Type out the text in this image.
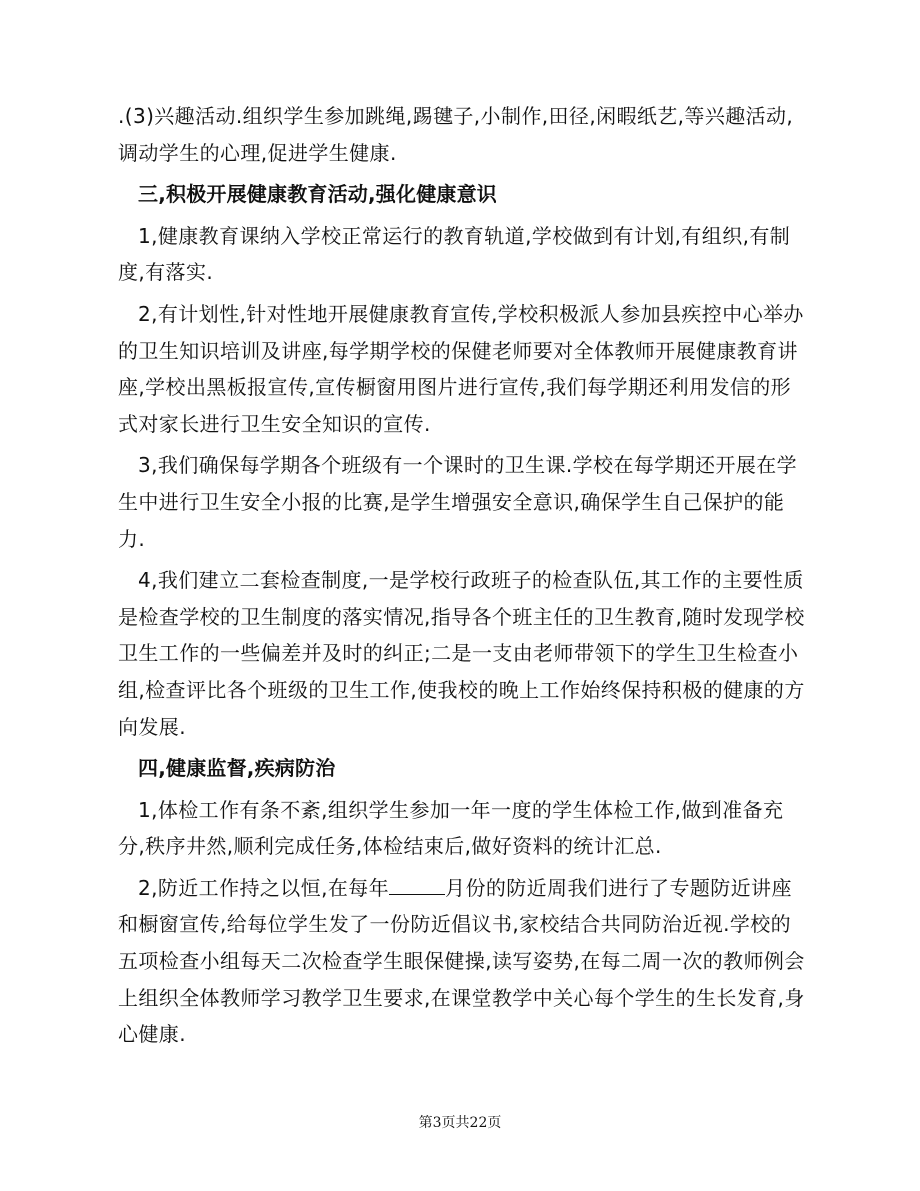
.(3)兴趣活动.组织学生参加跳绳,踢毽子,小制作,田径,闲暇纸艺,等兴趣活动,调动学生的心理,促进学生健康.

三,积极开展健康教育活动,强化健康意识

1,健康教育课纳入学校正常运行的教育轨道,学校做到有计划,有组织,有制度,有落实.

2,有计划性,针对性地开展健康教育宣传,学校积极派人参加县疾控中心举办的卫生知识培训及讲座,每学期学校的保健老师要对全体教师开展健康教育讲座,学校出黑板报宣传,宣传橱窗用图片进行宣传,我们每学期还利用发信的形式对家长进行卫生安全知识的宣传.

3,我们确保每学期各个班级有一个课时的卫生课.学校在每学期还开展在学生中进行卫生安全小报的比赛,是学生增强安全意识,确保学生自己保护的能力.

4,我们建立二套检查制度,一是学校行政班子的检查队伍,其工作的主要性质是检查学校的卫生制度的落实情况,指导各个班主任的卫生教育,随时发现学校卫生工作的一些偏差并及时的纠正;二是一支由老师带领下的学生卫生检查小组,检查评比各个班级的卫生工作,使我校的晚上工作始终保持积极的健康的方向发展.

四,健康监督,疾病防治

1,体检工作有条不紊,组织学生参加一年一度的学生体检工作,做到准备充分,秩序井然,顺利完成任务,体检结束后,做好资料的统计汇总.

2,防近工作持之以恒,在每年	月份的防近周我们进行了专题防近讲座和橱窗宣传,给每位学生发了一份防近倡议书,家校结合共同防治近视.学校的五项检查小组每天二次检查学生眼保健操,读写姿势,在每二周一次的教师例会上组织全体教师学习教学卫生要求,在课堂教学中关心每个学生的生长发育,身心健康.

第3页共22页
